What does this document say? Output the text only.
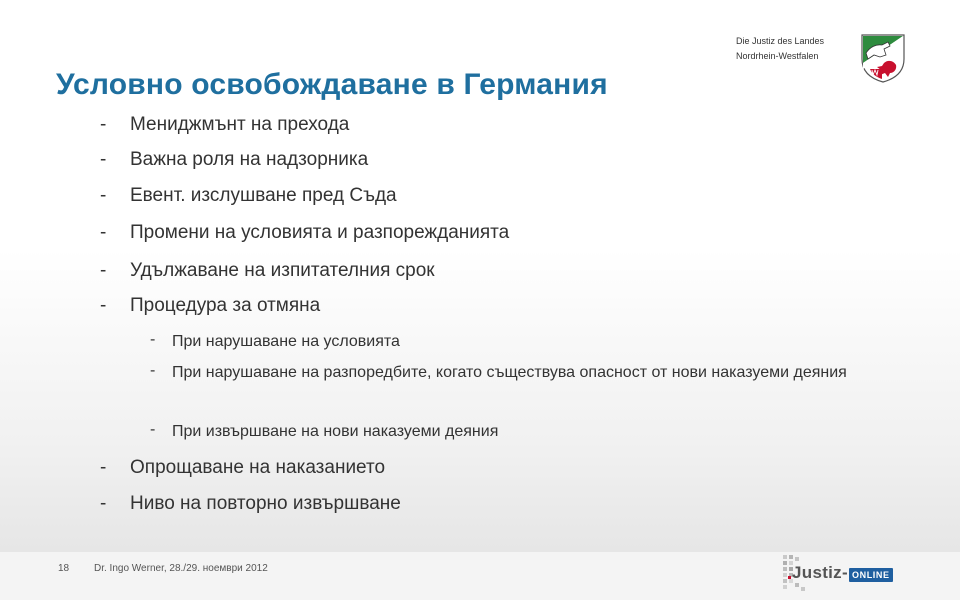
Die Justiz des Landes
Nordrhein-Westfalen
Условно освобождаване в Германия
- Мениджмънт на прехода
- Важна роля на надзорника
- Евент. изслушване пред Съда
- Промени на условията и разпорежданията
- Удължаване на изпитателния срок
- Процедура за отмяна
- При нарушаване на условията
- При нарушаване на разпоредбите, когато съществува опасност от нови наказуеми деяния
- При извършване на нови наказуеми деяния
- Опрощаване на наказанието
- Ниво на повторно извършване
18 Dr. Ingo Werner, 28./29. ноември 2012	Justiz- ONLINE
